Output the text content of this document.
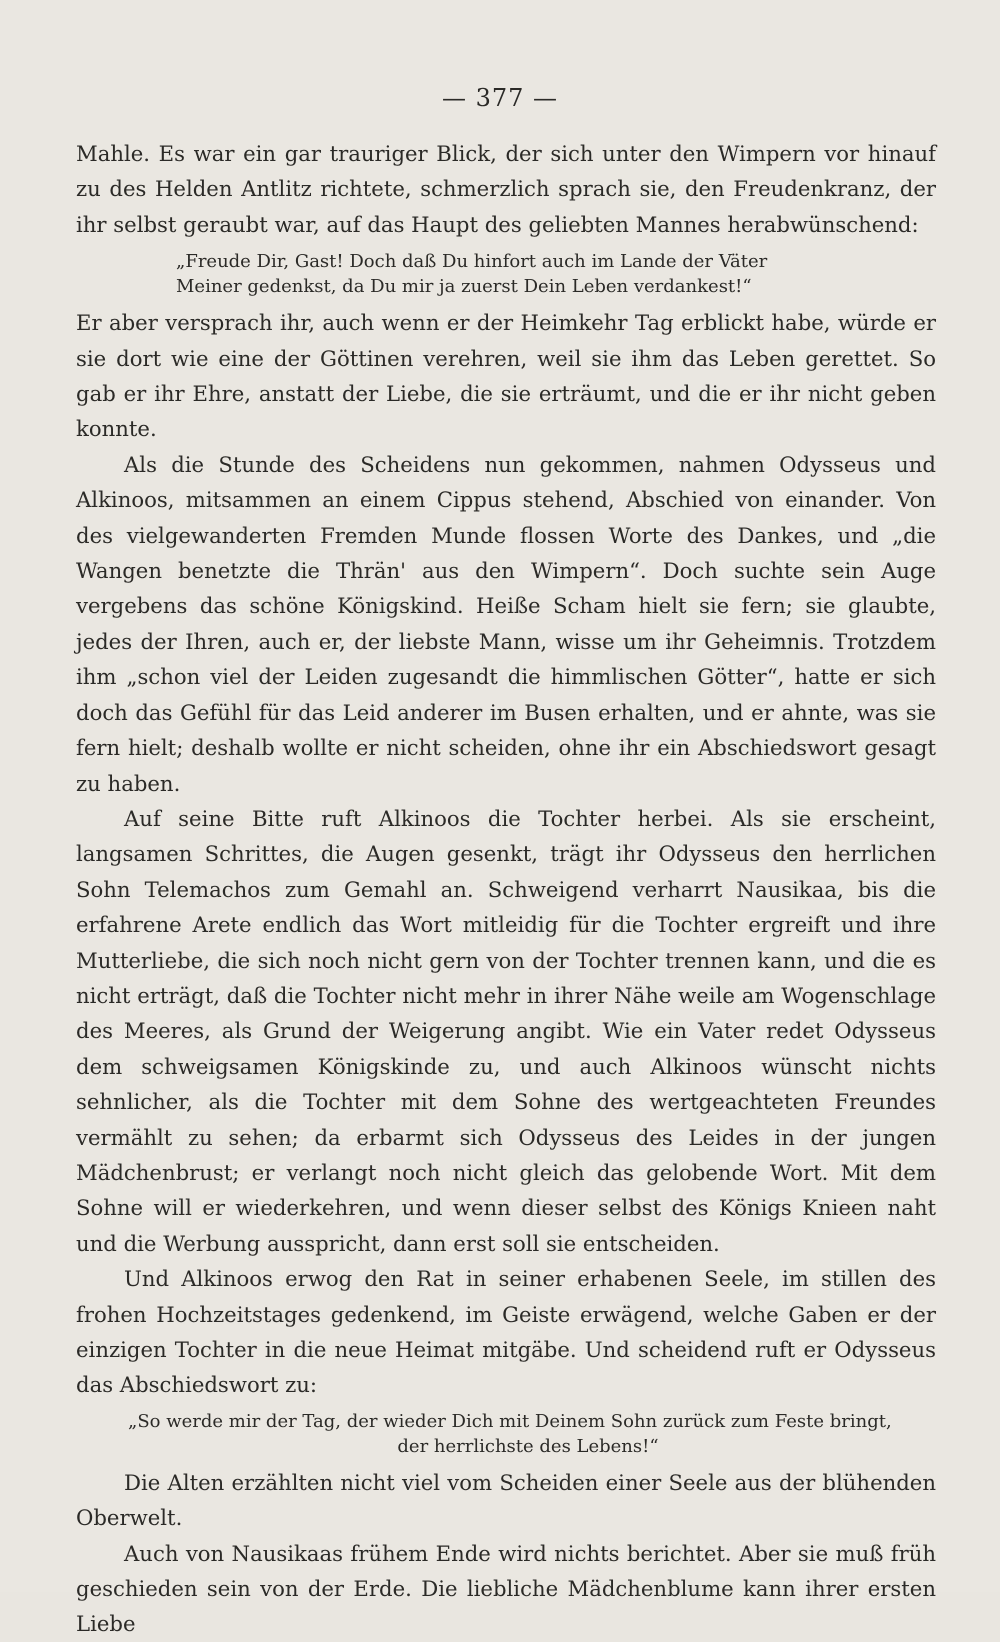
— 377 —

Mahle. Es war ein gar trauriger Blick, der sich unter den Wimpern vor hinauf zu des Helden Antlitz richtete, schmerzlich sprach sie, den Freudenkranz, der ihr selbst geraubt war, auf das Haupt des geliebten Mannes herabwünschend:

„Freude Dir, Gast! Doch daß Du hinfort auch im Lande der Väter
Meiner gedenkst, da Du mir ja zuerst Dein Leben verdankest!“

Er aber versprach ihr, auch wenn er der Heimkehr Tag erblickt habe, würde er sie dort wie eine der Göttinen verehren, weil sie ihm das Leben gerettet. So gab er ihr Ehre, anstatt der Liebe, die sie erträumt, und die er ihr nicht geben konnte.

Als die Stunde des Scheidens nun gekommen, nahmen Odysseus und Alkinoos, mitsammen an einem Cippus stehend, Abschied von einander. Von des vielgewanderten Fremden Munde flossen Worte des Dankes, und „die Wangen benetzte die Thrän' aus den Wimpern“. Doch suchte sein Auge vergebens das schöne Königskind. Heiße Scham hielt sie fern; sie glaubte, jedes der Ihren, auch er, der liebste Mann, wisse um ihr Geheimnis. Trotzdem ihm „schon viel der Leiden zugesandt die himmlischen Götter“, hatte er sich doch das Gefühl für das Leid anderer im Busen erhalten, und er ahnte, was sie fern hielt; deshalb wollte er nicht scheiden, ohne ihr ein Abschiedswort gesagt zu haben.

Auf seine Bitte ruft Alkinoos die Tochter herbei. Als sie erscheint, langsamen Schrittes, die Augen gesenkt, trägt ihr Odysseus den herrlichen Sohn Telemachos zum Gemahl an. Schweigend verharrt Nausikaa, bis die erfahrene Arete endlich das Wort mitleidig für die Tochter ergreift und ihre Mutterliebe, die sich noch nicht gern von der Tochter trennen kann, und die es nicht erträgt, daß die Tochter nicht mehr in ihrer Nähe weile am Wogenschlage des Meeres, als Grund der Weigerung angibt. Wie ein Vater redet Odysseus dem schweigsamen Königskinde zu, und auch Alkinoos wünscht nichts sehnlicher, als die Tochter mit dem Sohne des wertgeachteten Freundes vermählt zu sehen; da erbarmt sich Odysseus des Leides in der jungen Mädchenbrust; er verlangt noch nicht gleich das gelobende Wort. Mit dem Sohne will er wiederkehren, und wenn dieser selbst des Königs Knieen naht und die Werbung ausspricht, dann erst soll sie entscheiden.

Und Alkinoos erwog den Rat in seiner erhabenen Seele, im stillen des frohen Hochzeitstages gedenkend, im Geiste erwägend, welche Gaben er der einzigen Tochter in die neue Heimat mitgäbe. Und scheidend ruft er Odysseus das Abschiedswort zu:

„So werde mir der Tag, der wieder Dich mit Deinem Sohn zurück zum Feste bringt,
der herrlichste des Lebens!“

Die Alten erzählten nicht viel vom Scheiden einer Seele aus der blühenden Oberwelt.

Auch von Nausikaas frühem Ende wird nichts berichtet. Aber sie muß früh geschieden sein von der Erde. Die liebliche Mädchenblume kann ihrer ersten Liebe
